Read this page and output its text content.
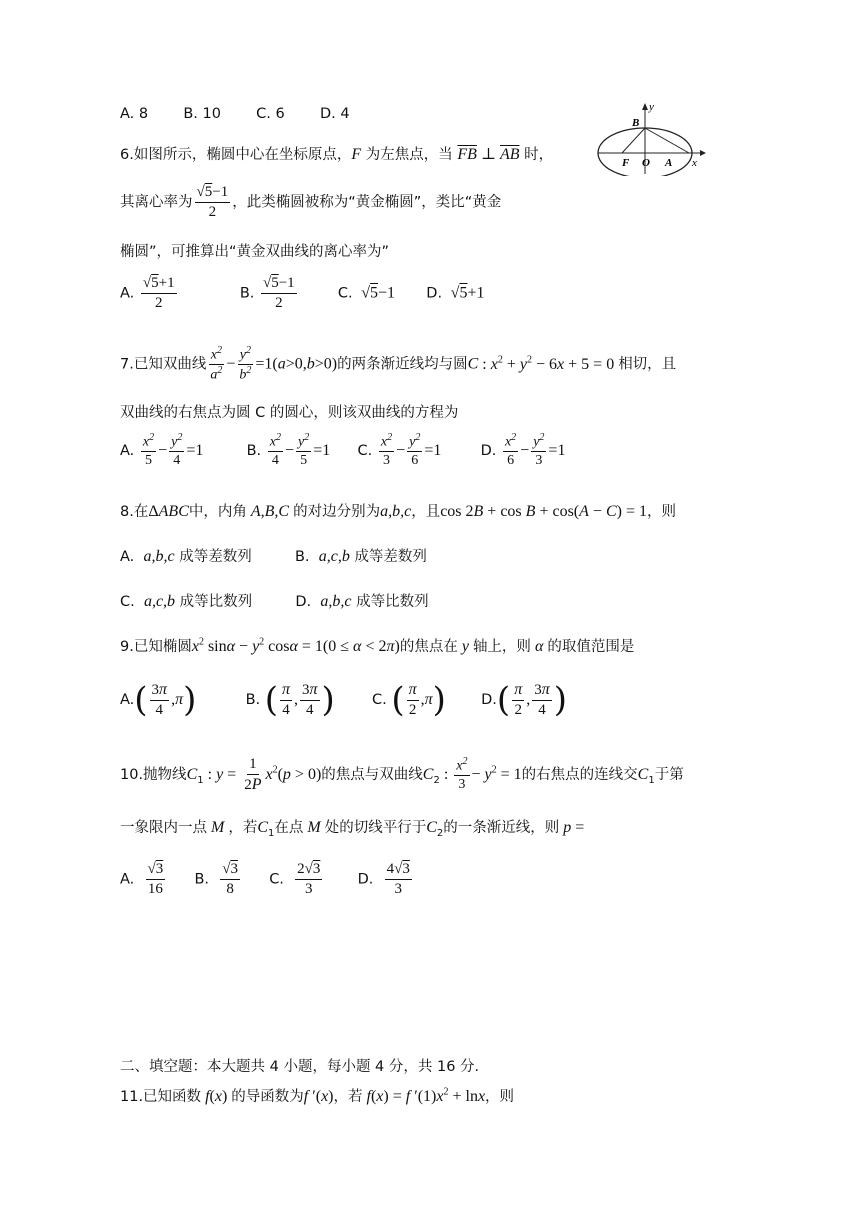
A. 8 B. 10 C. 6 D. 4
B
y
F O A x
6.如图所示，椭圆中心在坐标原点，F 为左焦点，当 $\overline{FB}$ ⊥ $\overline{AB}$ 时，
其离心率为 $\frac{√5-1}{2}$ ，此类椭圆被称为“黄金椭圆”，类比“黄金
椭圆”，可推算出“黄金双曲线的离心率为”
A. $\frac{√5+1}{2}$	B. $\frac{√5-1}{2}$	C.  √5−1 D.  √5+1
7.已知双曲线 $\frac{x^2}{a^2} - \frac{y^2}{b^2} =1(a>0,b>0)$的两条渐近线均与圆C : $x^2 + y^2 - 6x + 5 = 0$ 相切，且
双曲线的右焦点为圆 C 的圆心，则该双曲线的方程为
A. $\frac{x^2}{5} - \frac{y^2}{4} =1$	B. $\frac{x^2}{4} - \frac{y^2}{5} =1$ C. $\frac{x^2}{3} - \frac{y^2}{6} =1$	D. $\frac{x^2}{6} - \frac{y^2}{3} =1$
8.在ΔABC中，内角 A,B,C 的对边分别为a,b,c，且cos 2B + cos B + cos(A − C) = 1，则
A. a,b,c 成等差数列	B. a,c,b 成等差数列
C. a,c,b 成等比数列	D. a,b,c 成等比数列
9.已知椭圆$x^2$ $\sin\alpha - y^2$ cosα = 1(0 ≤ α < 2π)的焦点在 y 轴上，则 α 的取值范围是
$A.( \frac{3\pi}{4} ,\pi)$	B. ( $\frac{\pi}{4}$ , $\frac{3\pi}{4}$ )	C. ( $\frac{\pi}{2} ,\pi$) $D.( \frac{\pi}{2}$ , $\frac{3\pi}{4}$ )
10.抛物线$C_1$ : $y = \frac{1}{2P} x^2(p > 0)$的焦点与双曲线$C_2$ : $\frac{x^2}{3} - y^2 = 1$的右焦点的连线交$C_1$于第
一象限内一点 M ，若$C_1$在点 M 处的切线平行于$C_2$的一条渐近线，则 p =
A. $\frac{√3}{16} B$. $\frac{√3}{8} C$. $\frac{2√3}{3} D$. $\frac{4√3}{3}$
二、填空题：本大题共 4 小题，每小题 4 分，共 16 分．
11.已知函数 f(x) 的导函数为f ′(x)，若 f(x) = f $'(1)x^2 + \ln x$，则
